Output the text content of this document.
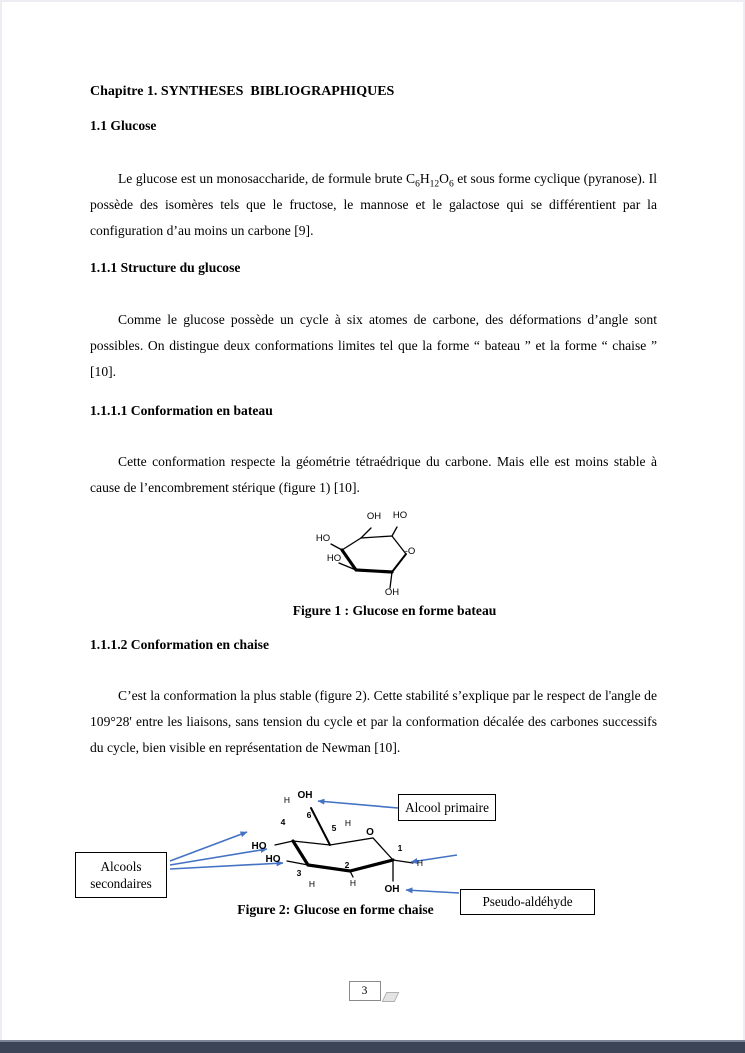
Chapitre 1. SYNTHESES  BIBLIOGRAPHIQUES
1.1 Glucose

Le glucose est un monosaccharide, de formule brute $C_6H_{12}O_6$ et sous forme cyclique (pyranose). Il possède des isomères tels que le fructose, le mannose et le galactose qui se différentient par la configuration d’au moins un carbone [9].

1.1.1 Structure du glucose

Comme le glucose possède un cycle à six atomes de carbone, des déformations d’angle sont possibles. On distingue deux conformations limites tel que la forme “ bateau ” et la forme “ chaise ” [10].

1.1.1.1 Conformation en bateau

Cette conformation respecte la géométrie tétraédrique du carbone. Mais elle est moins stable à cause de l’encombrement stérique (figure 1) [10].

OH HO
HO
HO
-O
OH
Figure 1 : Glucose en forme bateau
1.1.1.2 Conformation en chaise

C’est la conformation la plus stable (figure 2). Cette stabilité s’explique par le respect de l'angle de 109°28' entre les liaisons, sans tension du cycle et par la conformation décalée des carbones successifs du cycle, bien visible en représentation de Newman [10].

H OH
6
4
5 H
O
HO
HO
3
H
2
H
1
H
OH
Alcool primaire
Alcools
secondaires
Pseudo-aldéhyde
Figure 2: Glucose en forme chaise
3
